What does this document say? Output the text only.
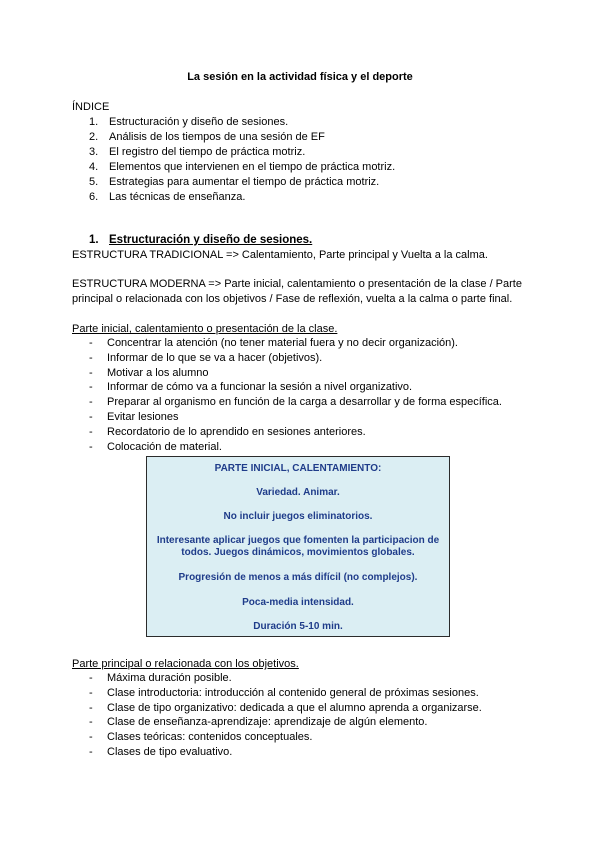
La sesión en la actividad física y el deporte
ÍNDICE
1. Estructuración y diseño de sesiones.
2. Análisis de los tiempos de una sesión de EF
3. El registro del tiempo de práctica motriz.
4. Elementos que intervienen en el tiempo de práctica motriz.
5. Estrategias para aumentar el tiempo de práctica motriz.
6. Las técnicas de enseñanza.
1. Estructuración y diseño de sesiones.
ESTRUCTURA TRADICIONAL => Calentamiento, Parte principal y Vuelta a la calma.
ESTRUCTURA MODERNA => Parte inicial, calentamiento o presentación de la clase / Parte
principal o relacionada con los objetivos / Fase de reflexión, vuelta a la calma o parte final.
Parte inicial, calentamiento o presentación de la clase.
- Concentrar la atención (no tener material fuera y no decir organización).
- Informar de lo que se va a hacer (objetivos).
- Motivar a los alumno
- Informar de cómo va a funcionar la sesión a nivel organizativo.
- Preparar al organismo en función de la carga a desarrollar y de forma específica.
- Evitar lesiones
- Recordatorio de lo aprendido en sesiones anteriores.
- Colocación de material.
PARTE INICIAL, CALENTAMIENTO:
Variedad. Animar.
No incluir juegos eliminatorios.
Interesante aplicar juegos que fomenten la participacion de
todos. Juegos dinámicos, movimientos globales.
Progresión de menos a más difícil (no complejos).
Poca-media intensidad.
Duración 5-10 min.
Parte principal o relacionada con los objetivos.
- Máxima duración posible.
- Clase introductoria: introducción al contenido general de próximas sesiones.
- Clase de tipo organizativo: dedicada a que el alumno aprenda a organizarse.
- Clase de enseñanza-aprendizaje: aprendizaje de algún elemento.
- Clases teóricas: contenidos conceptuales.
- Clases de tipo evaluativo.
